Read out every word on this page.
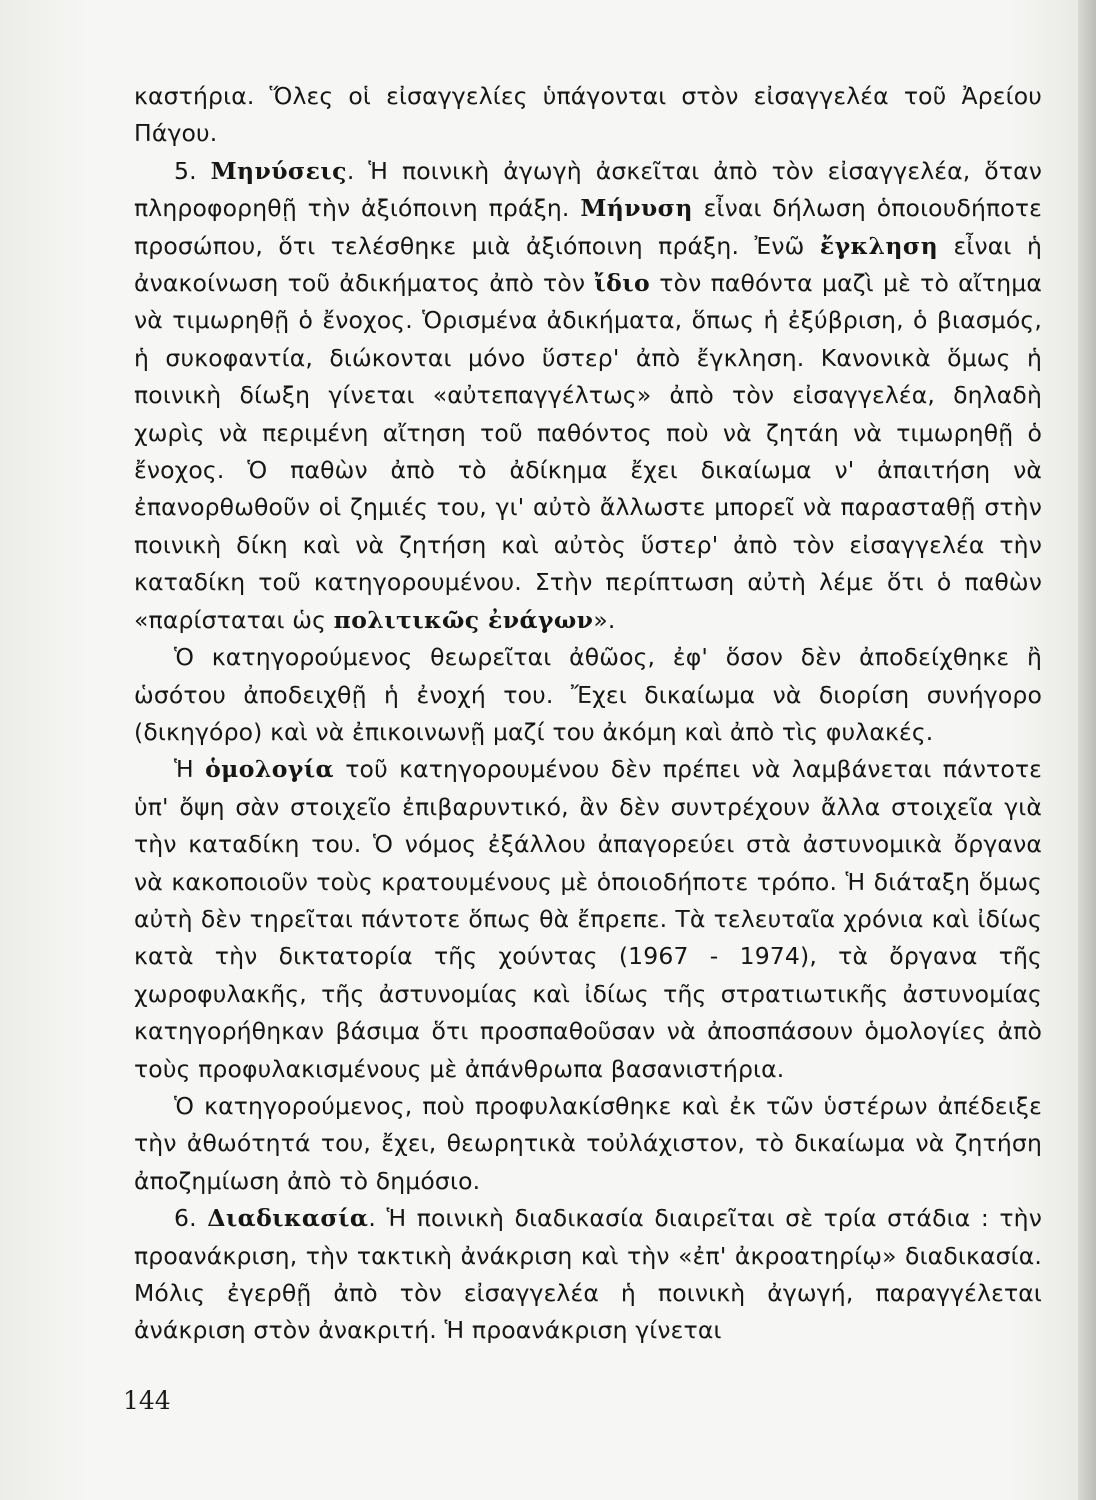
καστήρια. Ὅλες οἱ εἰσαγγελίες ὑπάγονται στὸν εἰσαγγελέα τοῦ Ἀρείου Πάγου.

5. Μηνύσεις. Ἡ ποινικὴ ἀγωγὴ ἀσκεῖται ἀπὸ τὸν εἰσαγγελέα, ὅταν πληροφορηθῇ τὴν ἀξιόποινη πράξη. Μήνυση εἶναι δήλωση ὁποιουδήποτε προσώπου, ὅτι τελέσθηκε μιὰ ἀξιόποινη πράξη. Ἐνῶ ἔγκληση εἶναι ἡ ἀνακοίνωση τοῦ ἀδικήματος ἀπὸ τὸν ἴδιο τὸν παθόντα μαζὶ μὲ τὸ αἴτημα νὰ τιμωρηθῇ ὁ ἔνοχος. Ὁρισμένα ἀδικήματα, ὅπως ἡ ἐξύβριση, ὁ βιασμός, ἡ συκοφαντία, διώκονται μόνο ὕστερ' ἀπὸ ἔγκληση. Κανονικὰ ὅμως ἡ ποινικὴ δίωξη γίνεται «αὐτεπαγγέλτως» ἀπὸ τὸν εἰσαγγελέα, δηλαδὴ χωρὶς νὰ περιμένη αἴτηση τοῦ παθόντος ποὺ νὰ ζητάη νὰ τιμωρηθῇ ὁ ἔνοχος. Ὁ παθὼν ἀπὸ τὸ ἀδίκημα ἔχει δικαίωμα ν' ἀπαιτήση νὰ ἐπανορθωθοῦν οἱ ζημιές του, γι' αὐτὸ ἄλλωστε μπορεῖ νὰ παρασταθῇ στὴν ποινικὴ δίκη καὶ νὰ ζητήση καὶ αὐτὸς ὕστερ' ἀπὸ τὸν εἰσαγγελέα τὴν καταδίκη τοῦ κατηγορουμένου. Στὴν περίπτωση αὐτὴ λέμε ὅτι ὁ παθὼν «παρίσταται ὡς πολιτικῶς ἐνάγων».

Ὁ κατηγορούμενος θεωρεῖται ἀθῶος, ἐφ' ὅσον δὲν ἀποδείχθηκε ἢ ὡσότου ἀποδειχθῇ ἡ ἐνοχή του. Ἔχει δικαίωμα νὰ διορίση συνήγορο (δικηγόρο) καὶ νὰ ἐπικοινωνῇ μαζί του ἀκόμη καὶ ἀπὸ τὶς φυλακές.

Ἡ ὁμολογία τοῦ κατηγορουμένου δὲν πρέπει νὰ λαμβάνεται πάντοτε ὑπ' ὄψη σὰν στοιχεῖο ἐπιβαρυντικό, ἂν δὲν συντρέχουν ἄλλα στοιχεῖα γιὰ τὴν καταδίκη του. Ὁ νόμος ἐξάλλου ἀπαγορεύει στὰ ἀστυνομικὰ ὄργανα νὰ κακοποιοῦν τοὺς κρατουμένους μὲ ὁποιοδήποτε τρόπο. Ἡ διάταξη ὅμως αὐτὴ δὲν τηρεῖται πάντοτε ὅπως θὰ ἔπρεπε. Τὰ τελευταῖα χρόνια καὶ ἰδίως κατὰ τὴν δικτατορία τῆς χούντας (1967 - 1974), τὰ ὄργανα τῆς χωροφυλακῆς, τῆς ἀστυνομίας καὶ ἰδίως τῆς στρατιωτικῆς ἀστυνομίας κατηγορήθηκαν βάσιμα ὅτι προσπαθοῦσαν νὰ ἀποσπάσουν ὁμολογίες ἀπὸ τοὺς προφυλακισμένους μὲ ἀπάνθρωπα βασανιστήρια.

Ὁ κατηγορούμενος, ποὺ προφυλακίσθηκε καὶ ἐκ τῶν ὑστέρων ἀπέδειξε τὴν ἀθωότητά του, ἔχει, θεωρητικὰ τοὐλάχιστον, τὸ δικαίωμα νὰ ζητήση ἀποζημίωση ἀπὸ τὸ δημόσιο.

6. Διαδικασία. Ἡ ποινικὴ διαδικασία διαιρεῖται σὲ τρία στάδια : τὴν προανάκριση, τὴν τακτικὴ ἀνάκριση καὶ τὴν «ἐπ' ἀκροατηρίῳ» διαδικασία. Μόλις ἐγερθῇ ἀπὸ τὸν εἰσαγγελέα ἡ ποινικὴ ἀγωγή, παραγγέλεται ἀνάκριση στὸν ἀνακριτή. Ἡ προανάκριση γίνεται

144
